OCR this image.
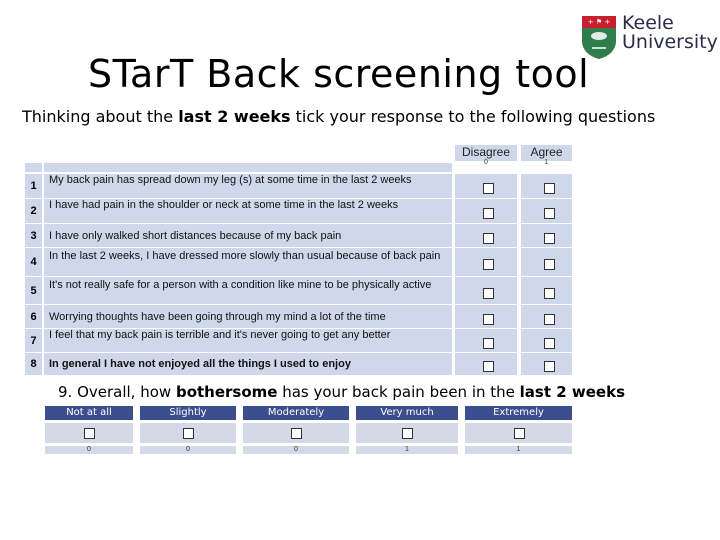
STarT Back screening tool
+ ⚑ + Keele
University
Thinking about the last 2 weeks tick your response to the following questions
Disagree
0
Agree
1
1	My back pain has spread down my leg (s) at some time in the last 2 weeks
2	I have had pain in the shoulder or neck at some time in the last 2 weeks
3	I have only walked short distances because of my back pain
4	In the last 2 weeks, I have dressed more slowly than usual because of back pain
5	It's not really safe for a person with a condition like mine to be physically active
6	Worrying thoughts have been going through my mind a lot of the time
7	I feel that my back pain is terrible and it's never going to get any better
8	In general I have not enjoyed all the things I used to enjoy
9. Overall, how bothersome has your back pain been in the last 2 weeks
Not at all
0
Slightly
0
Moderately
0
Very much
1
Extremely
1
